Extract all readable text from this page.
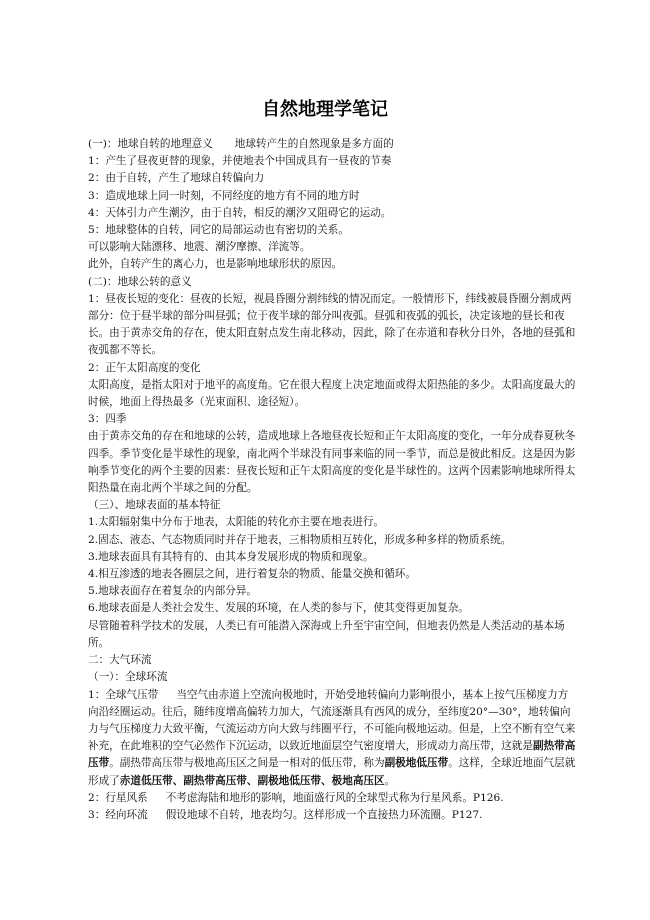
自然地理学笔记

(一)：地球自转的地理意义 地球转产生的自然现象是多方面的

1：产生了昼夜更替的现象，并使地表个中国成具有一昼夜的节奏

2：由于自转，产生了地球自转偏向力

3：造成地球上同一时刻，不同经度的地方有不同的地方时

4：天体引力产生潮汐，由于自转，相反的潮汐又阻碍它的运动。

5：地球整体的自转，同它的局部运动也有密切的关系。

可以影响大陆漂移、地震、潮汐摩擦、洋流等。

此外，自转产生的离心力，也是影响地球形状的原因。

(二)：地球公转的意义

1：昼夜长短的变化：昼夜的长短，视晨昏圈分割纬线的情况而定。一般情形下，纬线被晨昏圈分割成两部分：位于昼半球的部分叫昼弧；位于夜半球的部分叫夜弧。昼弧和夜弧的弧长，决定该地的昼长和夜长。由于黄赤交角的存在，使太阳直射点发生南北移动，因此，除了在赤道和春秋分日外，各地的昼弧和夜弧都不等长。

2：正午太阳高度的变化

太阳高度，是指太阳对于地平的高度角。它在很大程度上决定地面或得太阳热能的多少。太阳高度最大的时候，地面上得热最多（光束面积、途径短）。

3：四季

由于黄赤交角的存在和地球的公转，造成地球上各地昼夜长短和正午太阳高度的变化，一年分成春夏秋冬四季。季节变化是半球性的现象，南北两个半球没有同事来临的同一季节，而总是彼此相反。这是因为影响季节变化的两个主要的因素：昼夜长短和正午太阳高度的变化是半球性的。这两个因素影响地球所得太阳热量在南北两个半球之间的分配。

（三）、地球表面的基本特征

1.太阳辐射集中分布于地表，太阳能的转化亦主要在地表进行。

2.固态、液态、气态物质同时并存于地表，三相物质相互转化，形成多种多样的物质系统。

3.地球表面具有其特有的、由其本身发展形成的物质和现象。

4.相互渗透的地表各圈层之间，进行着复杂的物质、能量交换和循环。

5.地球表面存在着复杂的内部分异。

6.地球表面是人类社会发生、发展的环境，在人类的参与下，使其变得更加复杂。

尽管随着科学技术的发展，人类已有可能潜入深海或上升至宇宙空间，但地表仍然是人类活动的基本场所。

二：大气环流

（一）：全球环流

1：全球气压带 当空气由赤道上空流向极地时，开始受地转偏向力影响很小，基本上按气压梯度力方向沿经圈运动。往后，随纬度增高偏转力加大，气流逐渐具有西风的成分，至纬度20°—30°，地转偏向力与气压梯度力大致平衡，气流运动方向大致与纬圈平行，不可能向极地运动。但是，上空不断有空气来补充，在此堆积的空气必然作下沉运动，以致近地面层空气密度增大，形成动力高压带，这就是副热带高压带。副热带高压带与极地高压区之间是一相对的低压带，称为副极地低压带。这样，全球近地面气层就形成了赤道低压带、副热带高压带、副极地低压带、极地高压区。

2：行星风系 不考虑海陆和地形的影响，地面盛行风的全球型式称为行星风系。P126.

3：经向环流 假设地球不自转，地表均匀。这样形成一个直接热力环流圈。P127.
